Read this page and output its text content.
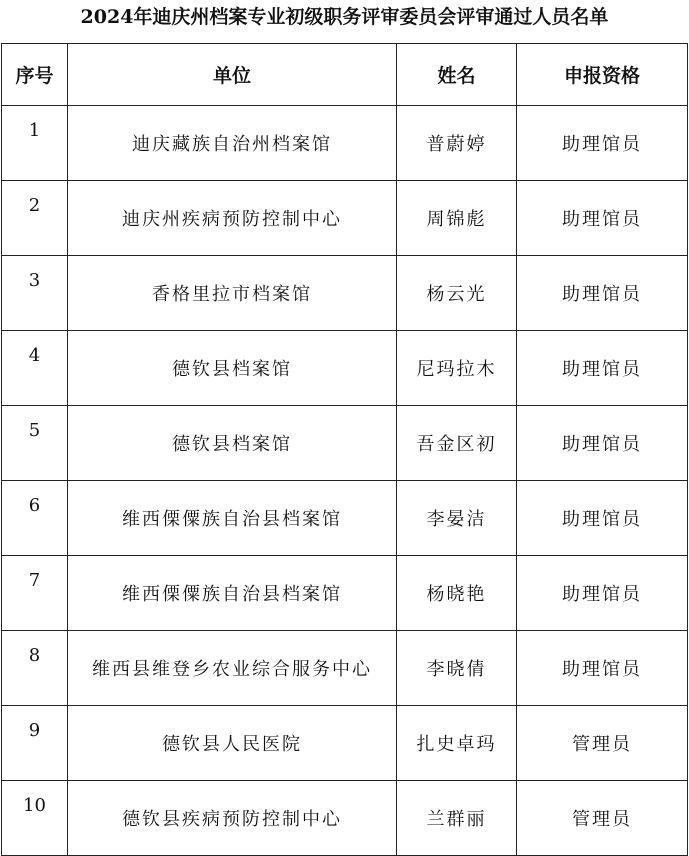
2024年迪庆州档案专业初级职务评审委员会评审通过人员名单
序号	单位	姓名	申报资格
1	迪庆藏族自治州档案馆	普蔚婷	助理馆员
2	迪庆州疾病预防控制中心	周锦彪	助理馆员
3	香格里拉市档案馆	杨云光	助理馆员
4	德钦县档案馆	尼玛拉木	助理馆员
5	德钦县档案馆	吾金区初	助理馆员
6	维西傈僳族自治县档案馆	李晏洁	助理馆员
7	维西傈僳族自治县档案馆	杨晓艳	助理馆员
8	维西县维登乡农业综合服务中心	李晓倩	助理馆员
9	德钦县人民医院	扎史卓玛	管理员
10	德钦县疾病预防控制中心	兰群丽	管理员
